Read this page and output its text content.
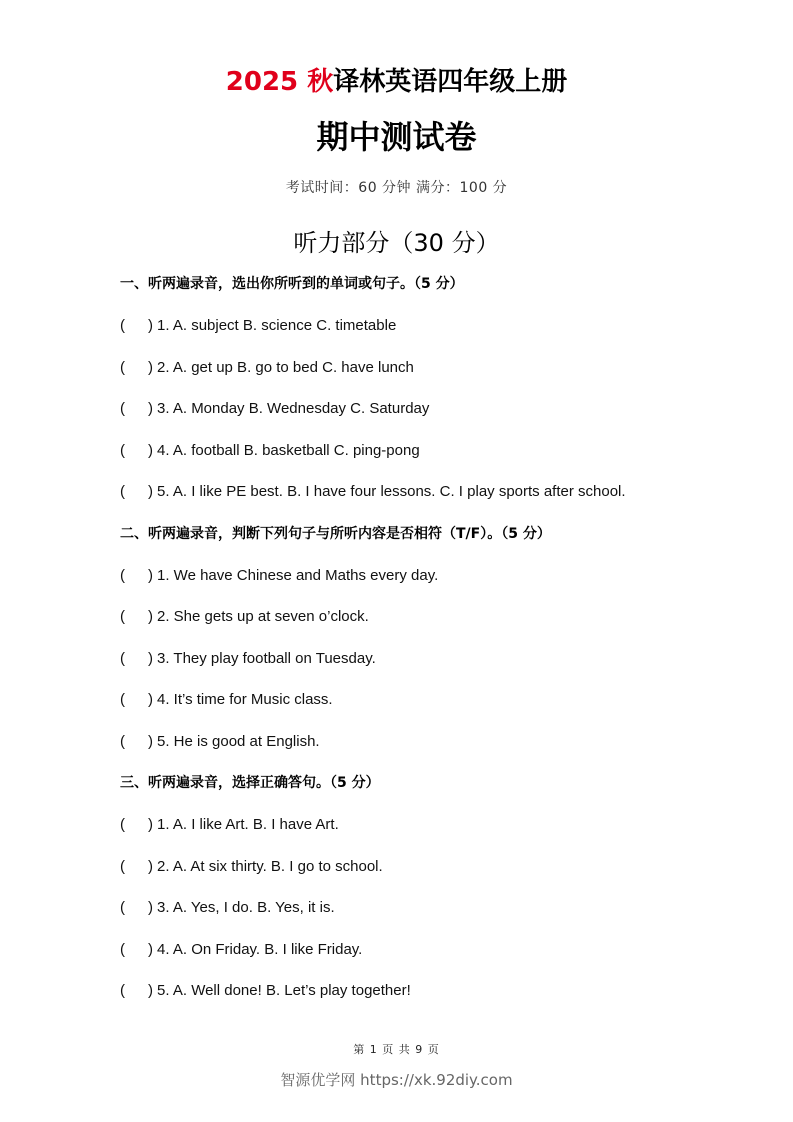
2025 秋译林英语四年级上册
期中测试卷
考试时间：60 分钟 满分：100 分
听力部分（30 分）
一、听两遍录音，选出你所听到的单词或句子。（5 分）
( ) 1. A. subject B. science C. timetable
( ) 2. A. get up B. go to bed C. have lunch
( ) 3. A. Monday B. Wednesday C. Saturday
( ) 4. A. football B. basketball C. ping-pong
( ) 5. A. I like PE best. B. I have four lessons. C. I play sports after school.
二、听两遍录音，判断下列句子与所听内容是否相符（T/F）。（5 分）
( ) 1. We have Chinese and Maths every day.
( ) 2. She gets up at seven o’clock.
( ) 3. They play football on Tuesday.
( ) 4. It’s time for Music class.
( ) 5. He is good at English.
三、听两遍录音，选择正确答句。（5 分）
( ) 1. A. I like Art. B. I have Art.
( ) 2. A. At six thirty. B. I go to school.
( ) 3. A. Yes, I do. B. Yes, it is.
( ) 4. A. On Friday. B. I like Friday.
( ) 5. A. Well done! B. Let’s play together!
第 1 页 共 9 页
智源优学网 https://xk.92diy.com
